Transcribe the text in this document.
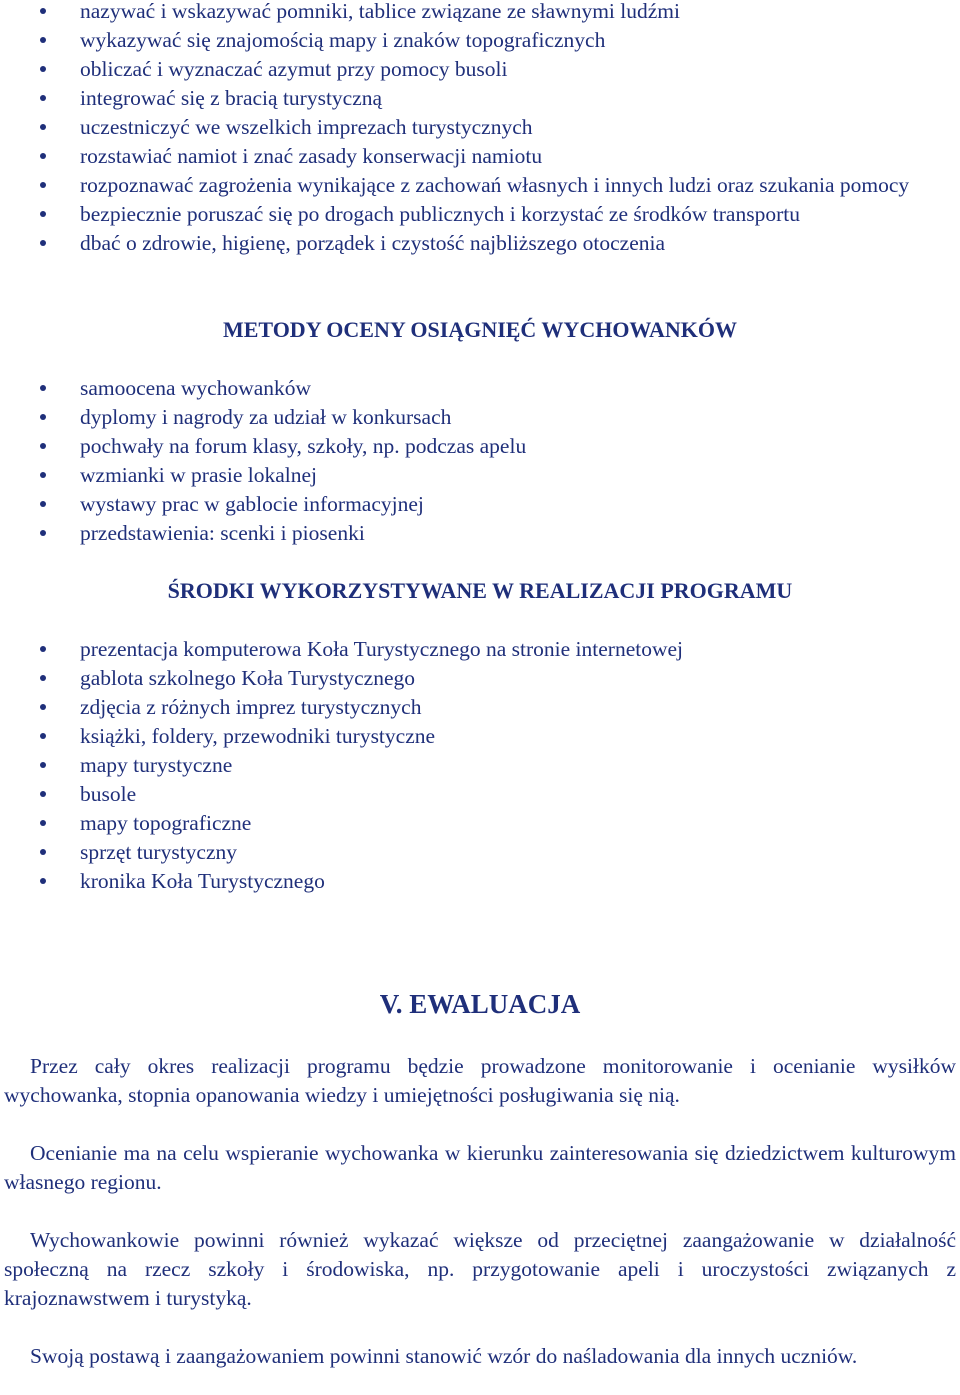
nazywać i wskazywać pomniki, tablice związane ze sławnymi ludźmi
wykazywać się znajomością mapy i znaków topograficznych
obliczać i wyznaczać azymut przy pomocy busoli
integrować się z bracią turystyczną
uczestniczyć we wszelkich imprezach turystycznych
rozstawiać namiot i znać zasady konserwacji namiotu
rozpoznawać zagrożenia wynikające z zachowań własnych i innych ludzi oraz szukania pomocy
bezpiecznie poruszać się po drogach publicznych i korzystać ze środków transportu
dbać o zdrowie, higienę, porządek i czystość najbliższego otoczenia
METODY OCENY OSIĄGNIĘĆ WYCHOWANKÓW
samoocena wychowanków
dyplomy i nagrody za udział w konkursach
pochwały na forum klasy, szkoły, np. podczas apelu
wzmianki w prasie lokalnej
wystawy prac w gablocie informacyjnej
przedstawienia: scenki i piosenki
ŚRODKI WYKORZYSTYWANE W REALIZACJI PROGRAMU
prezentacja komputerowa Koła Turystycznego na stronie internetowej
gablota szkolnego Koła Turystycznego
zdjęcia z różnych imprez turystycznych
książki, foldery, przewodniki turystyczne
mapy turystyczne
busole
mapy topograficzne
sprzęt turystyczny
kronika Koła Turystycznego
V. EWALUACJA

Przez cały okres realizacji programu będzie prowadzone monitorowanie i ocenianie wysiłków wychowanka, stopnia opanowania wiedzy i umiejętności posługiwania się nią.

Ocenianie ma na celu wspieranie wychowanka w kierunku zainteresowania się dziedzictwem kulturowym własnego regionu.

Wychowankowie powinni również wykazać większe od przeciętnej zaangażowanie w działalność społeczną na rzecz szkoły i środowiska, np. przygotowanie apeli i uroczystości związanych z krajoznawstwem i turystyką.

Swoją postawą i zaangażowaniem powinni stanowić wzór do naśladowania dla innych uczniów.
